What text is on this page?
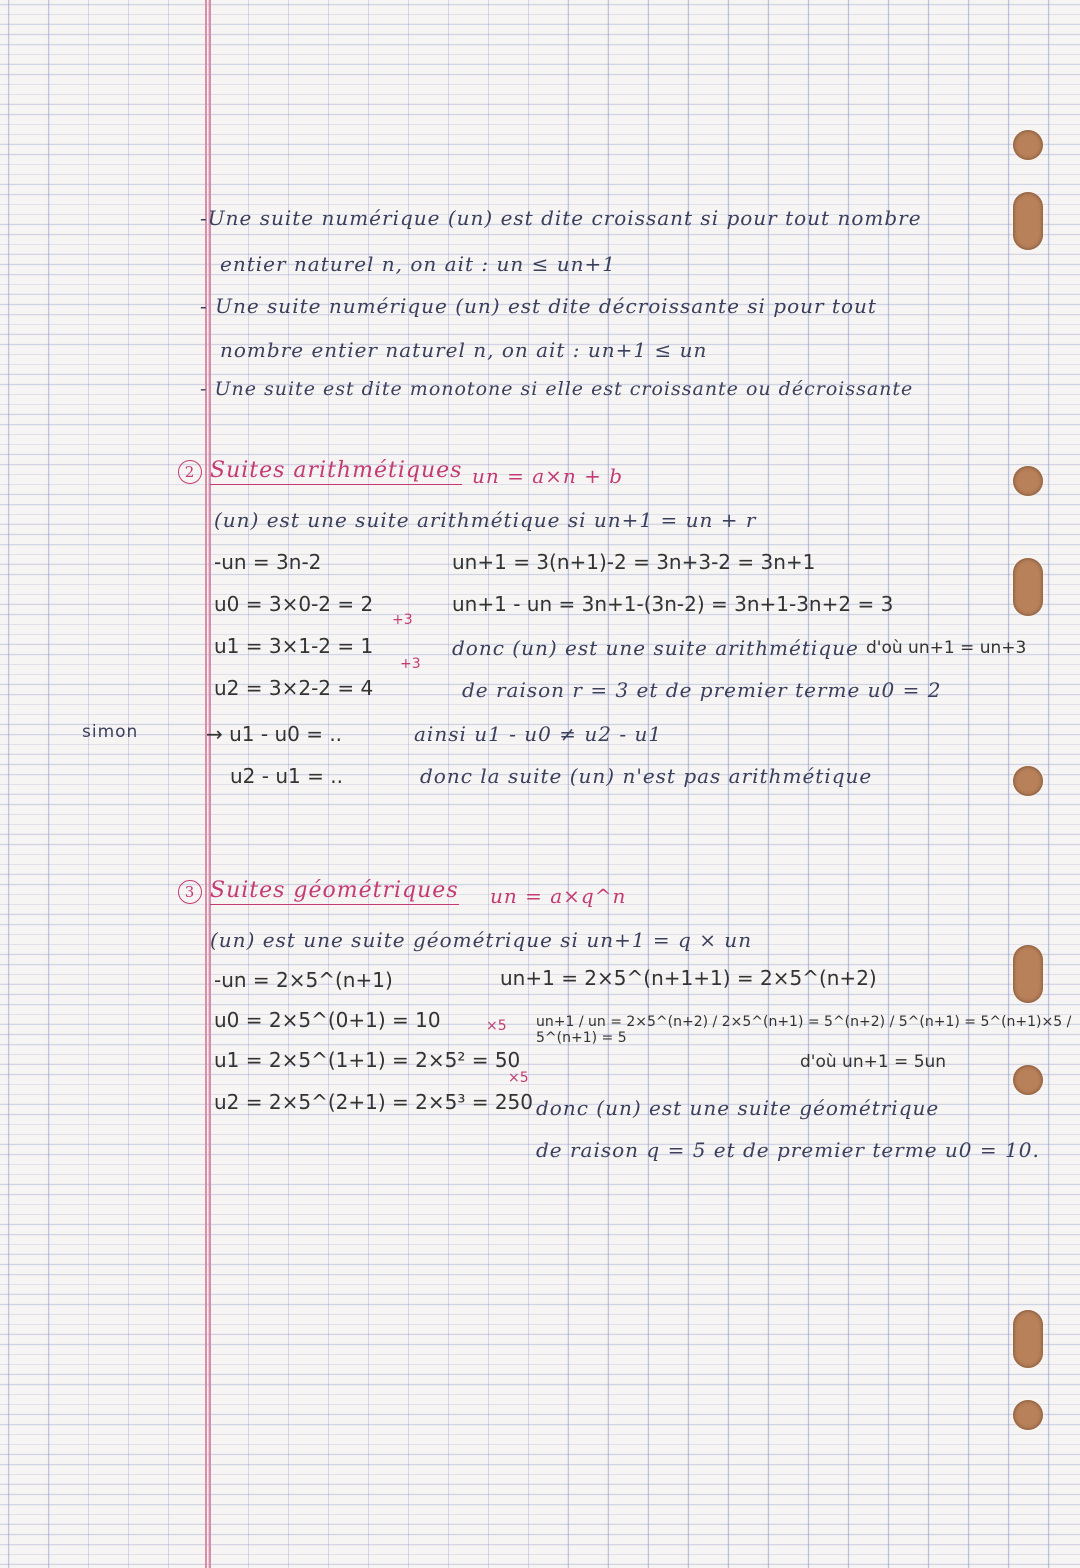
-Une suite numérique (un) est dite croissant si pour tout nombre
entier naturel n, on ait : un ≤ un+1
- Une suite numérique (un) est dite décroissante si pour tout
nombre entier naturel n, on ait : un+1 ≤ un
- Une suite est dite monotone si elle est croissante ou décroissante
2 Suites arithmétiques un = a×n + b
(un) est une suite arithmétique si un+1 = un + r
-un = 3n-2
u0 = 3×0-2 = 2
u1 = 3×1-2 = 1
u2 = 3×2-2 = 4
+3
+3
un+1 = 3(n+1)-2 = 3n+3-2 = 3n+1
un+1 - un = 3n+1-(3n-2) = 3n+1-3n+2 = 3
donc (un) est une suite arithmétique d'où un+1 = un+3
de raison r = 3 et de premier terme u0 = 2
simon	→ u1 - u0 = ..
u2 - u1 = ..
ainsi u1 - u0 ≠ u2 - u1
donc la suite (un) n'est pas arithmétique
3 Suites géométriques un = a×q^n
(un) est une suite géométrique si un+1 = q × un
-un = 2×5^(n+1)
u0 = 2×5^(0+1) = 10
u1 = 2×5^(1+1) = 2×5² = 50
u2 = 2×5^(2+1) = 2×5³ = 250
×5
×5
un+1 = 2×5^(n+1+1) = 2×5^(n+2)
un+1 / un = 2×5^(n+2) / 2×5^(n+1) = 5^(n+2) / 5^(n+1) = 5^(n+1)×5 / 5^(n+1) = 5
d'où un+1 = 5un
donc (un) est une suite géométrique
de raison q = 5 et de premier terme u0 = 10.
